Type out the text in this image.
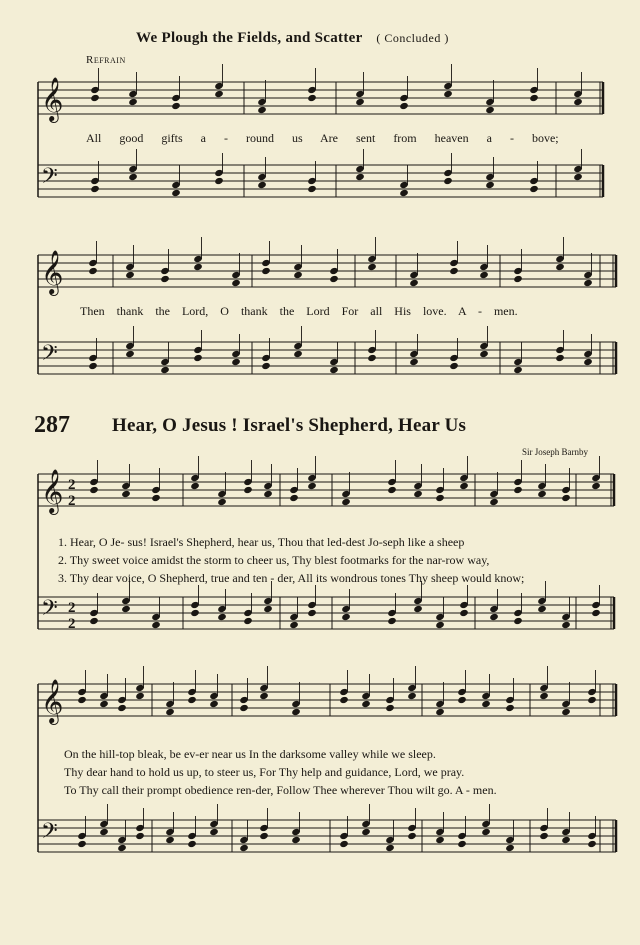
We Plough the Fields, and Scatter ( Concluded )
Refrain
287 Hear, O Jesus ! Israel's Shepherd, Hear Us
Sir Joseph Barnby
𝄞
𝄢
𝄞
𝄢
𝄞
𝄢
𝄞
𝄢
2
2
2
2
All good gifts a - round us Are sent from heaven a - bove;
Then thank the Lord, O thank the Lord For all His love. A - men.
1. Hear, O Je- sus! Israel's Shepherd, hear us, Thou that led-dest Jo-seph like a sheep
2. Thy sweet voice amidst the storm to cheer us, Thy blest footmarks for the nar-row way,
3. Thy dear voice, O Shepherd, true and ten - der, All its wondrous tones Thy sheep would know;
On the hill-top bleak, be ev-er near us In the darksome valley while we sleep.
Thy dear hand to hold us up, to steer us, For Thy help and guidance, Lord, we pray.
To Thy call their prompt obedience ren-der, Follow Thee wherever Thou wilt go. A - men.
